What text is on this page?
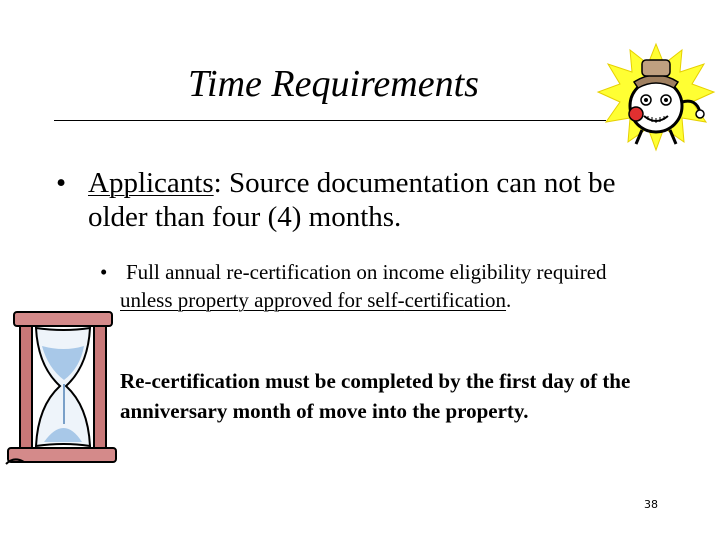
Time Requirements
• Applicants: Source documentation can not be older than four (4) months.
• Full annual re-certification on income eligibility required unless property approved for self-certification.
Re-certification must be completed by the first day of the anniversary month of move into the property.
38
